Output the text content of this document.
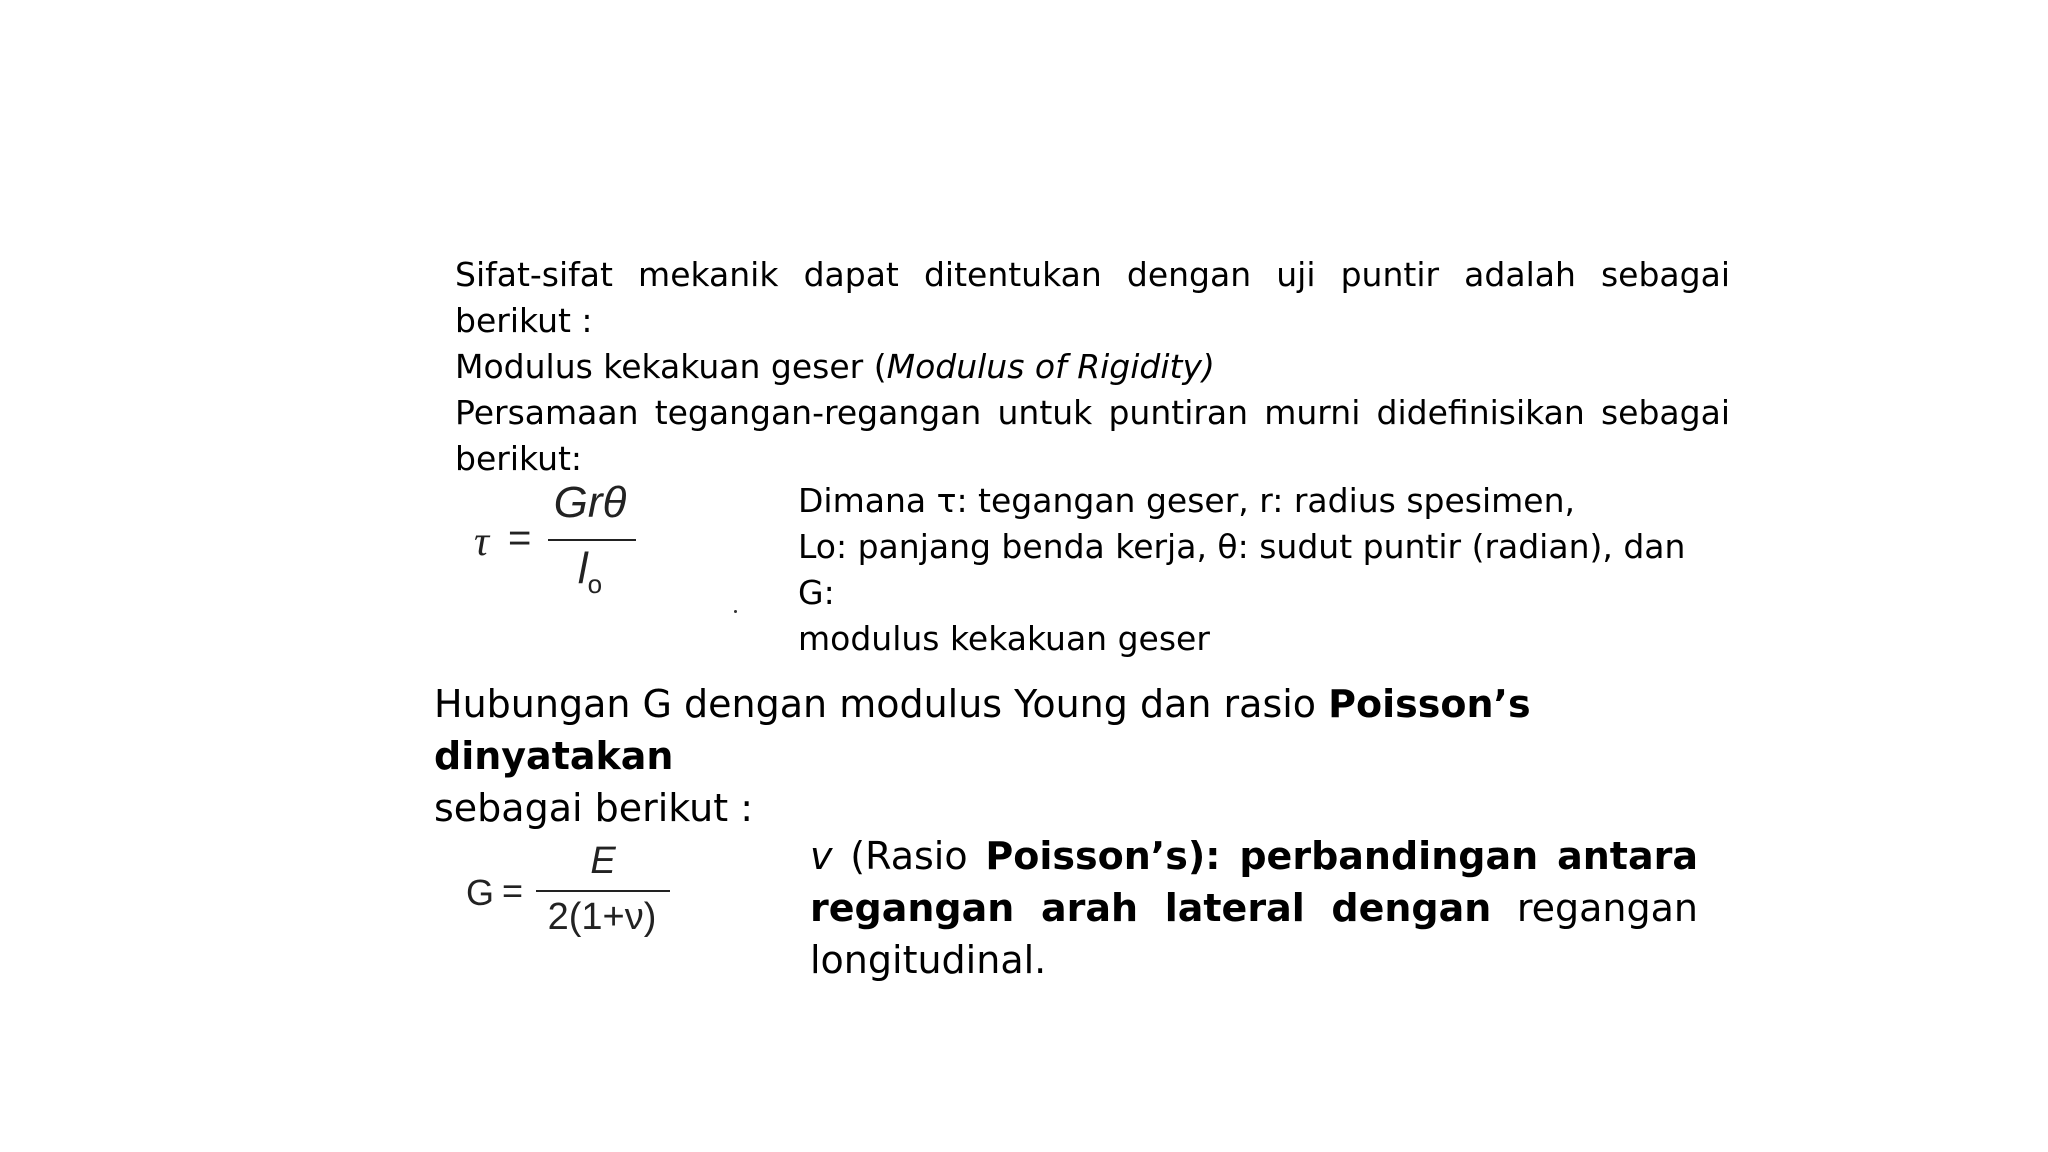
Sifat-sifat mekanik dapat ditentukan dengan uji puntir adalah sebagai berikut :
Modulus kekakuan geser (Modulus of Rigidity)
Persamaan tegangan-regangan untuk puntiran murni didefinisikan sebagai
berikut:
τ =
Grθ
$l_o$
Dimana τ: tegangan geser, r: radius spesimen,
Lo: panjang benda kerja, θ: sudut puntir (radian), dan G:
modulus kekakuan geser
Hubungan G dengan modulus Young dan rasio Poisson’s dinyatakan
sebagai berikut :
G =
E
2(1+ν)
v (Rasio Poisson’s): perbandingan antara
regangan arah lateral dengan regangan
longitudinal.
